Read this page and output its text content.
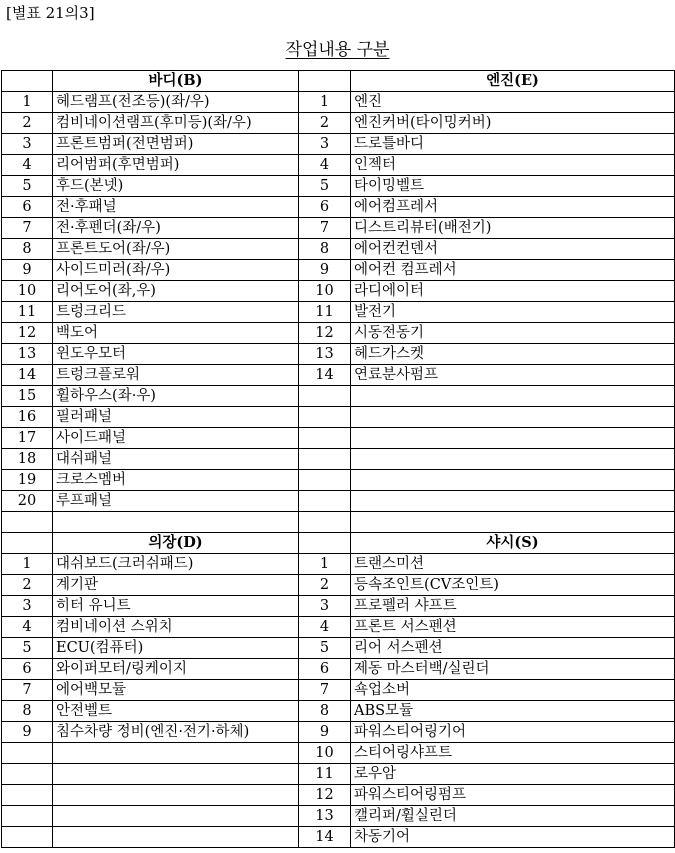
[별표 21의3]
작업내용 구분
	바디(B)		엔진(E)
1	헤드램프(전조등)(좌/우)	1	엔진
2	컴비네이션램프(후미등)(좌/우)	2	엔진커버(타이밍커버)
3	프론트범퍼(전면범퍼)	3	드로틀바디
4	리어범퍼(후면범퍼)	4	인젝터
5	후드(본넷)	5	타이밍벨트
6	전·후패널	6	에어컴프레서
7	전·후펜더(좌/우)	7	디스트리뷰터(배전기)
8	프론트도어(좌/우)	8	에어컨컨덴서
9	사이드미러(좌/우)	9	에어컨 컴프레서
10	리어도어(좌,우)	10	라디에이터
11	트렁크리드	11	발전기
12	백도어	12	시동전동기
13	윈도우모터	13	헤드가스켓
14	트렁크플로워	14	연료분사펌프
15	휠하우스(좌·우)		
16	필러패널		
17	사이드패널		
18	대쉬패널		
19	크로스멤버		
20	루프패널		

	의장(D)		샤시(S)
1	대쉬보드(크러쉬패드)	1	트랜스미션
2	계기판	2	등속조인트(CV조인트)
3	히터 유니트	3	프로펠러 샤프트
4	컴비네이션 스위치	4	프론트 서스펜션
5	ECU(컴퓨터)	5	리어 서스펜션
6	와이퍼모터/링케이지	6	제동 마스터백/실린더
7	에어백모듈	7	쇽업소버
8	안전벨트	8	ABS모듈
9	침수차량 정비(엔진·전기·하체)	9	파워스티어링기어
		10	스티어링샤프트
		11	로우암
		12	파워스티어링펌프
		13	캘리퍼/휠실린더
		14	차동기어
